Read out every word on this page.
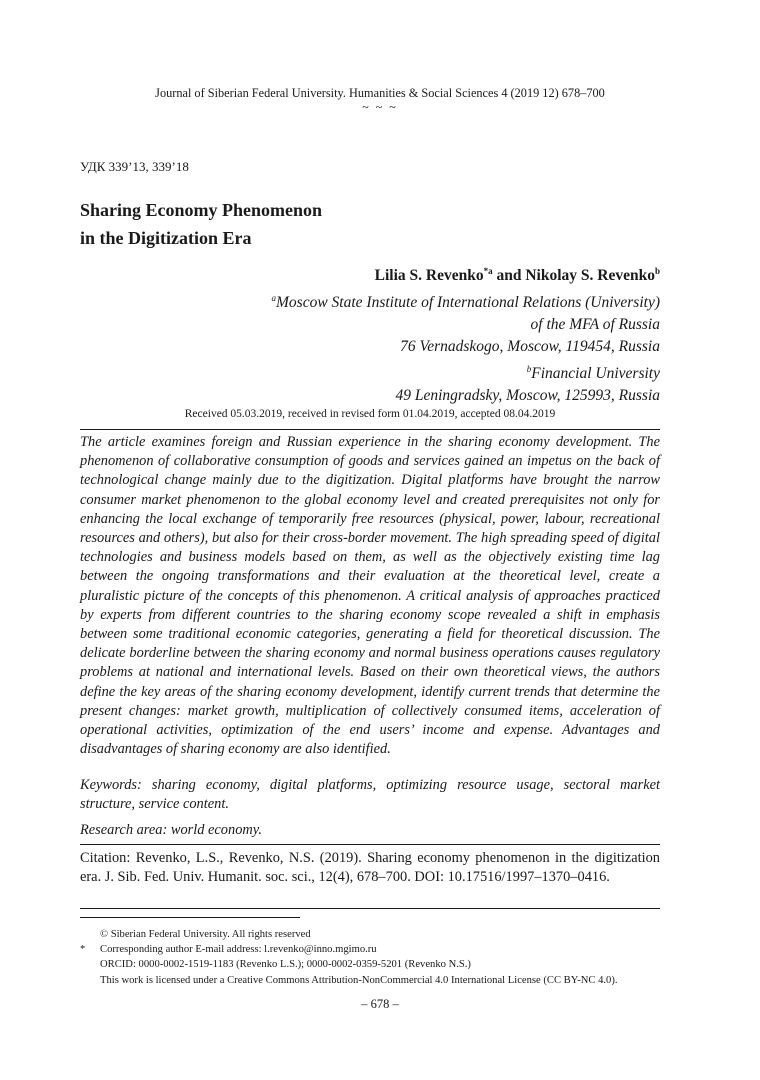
Journal of Siberian Federal University. Humanities & Social Sciences 4 (2019 12) 678–700
~ ~ ~
УДК 339’13, 339’18
Sharing Economy Phenomenon
in the Digitization Era
Lilia S. Revenko$^{*a}$ and Nikolay S. Revenko$^b$
$^a$Moscow State Institute of International Relations (University)
of the MFA of Russia
76 Vernadskogo, Moscow, 119454, Russia
$^b$Financial University
49 Leningradsky, Moscow, 125993, Russia
Received 05.03.2019, received in revised form 01.04.2019, accepted 08.04.2019

The article examines foreign and Russian experience in the sharing economy development. The phenomenon of collaborative consumption of goods and services gained an impetus on the back of technological change mainly due to the digitization. Digital platforms have brought the narrow consumer market phenomenon to the global economy level and created prerequisites not only for enhancing the local exchange of temporarily free resources (physical, power, labour, recreational resources and others), but also for their cross-border movement. The high spreading speed of digital technologies and business models based on them, as well as the objectively existing time lag between the ongoing transformations and their evaluation at the theoretical level, create a pluralistic picture of the concepts of this phenomenon. A critical analysis of approaches practiced by experts from different countries to the sharing economy scope revealed a shift in emphasis between some traditional economic categories, generating a field for theoretical discussion. The delicate borderline between the sharing economy and normal business operations causes regulatory problems at national and international levels. Based on their own theoretical views, the authors define the key areas of the sharing economy development, identify current trends that determine the present changes: market growth, multiplication of collectively consumed items, acceleration of operational activities, optimization of the end users’ income and expense. Advantages and disadvantages of sharing economy are also identified.

Keywords: sharing economy, digital platforms, optimizing resource usage, sectoral market structure, service content.

Research area: world economy.

Citation: Revenko, L.S., Revenko, N.S. (2019). Sharing economy phenomenon in the digitization era. J. Sib. Fed. Univ. Humanit. soc. sci., 12(4), 678–700. DOI: 10.17516/1997–1370–0416.

© Siberian Federal University. All rights reserved
*	Corresponding author E-mail address: l.revenko@inno.mgimo.ru
ORCID: 0000-0002-1519-1183 (Revenko L.S.); 0000-0002-0359-5201 (Revenko N.S.)
This work is licensed under a Creative Commons Attribution-NonCommercial 4.0 International License (CC BY-NC 4.0).
– 678 –
